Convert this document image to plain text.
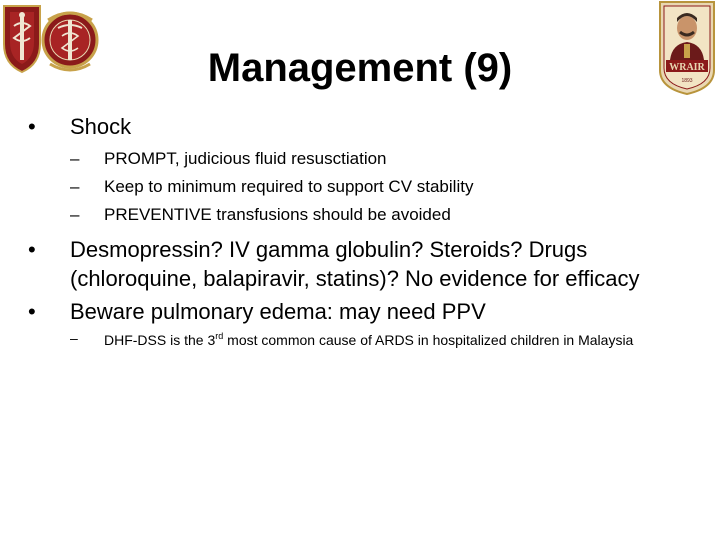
WRAIR
1893
Management (9)
•	Shock
–	PROMPT, judicious fluid resusctiation
–	Keep to minimum required to support CV stability
–	PREVENTIVE transfusions should be avoided
•	Desmopressin? IV gamma globulin? Steroids? Drugs (chloroquine, balapiravir, statins)? No evidence for efficacy
•	Beware pulmonary edema: may need PPV
–	DHF-DSS is the 3rd most common cause of ARDS in hospitalized children in Malaysia
